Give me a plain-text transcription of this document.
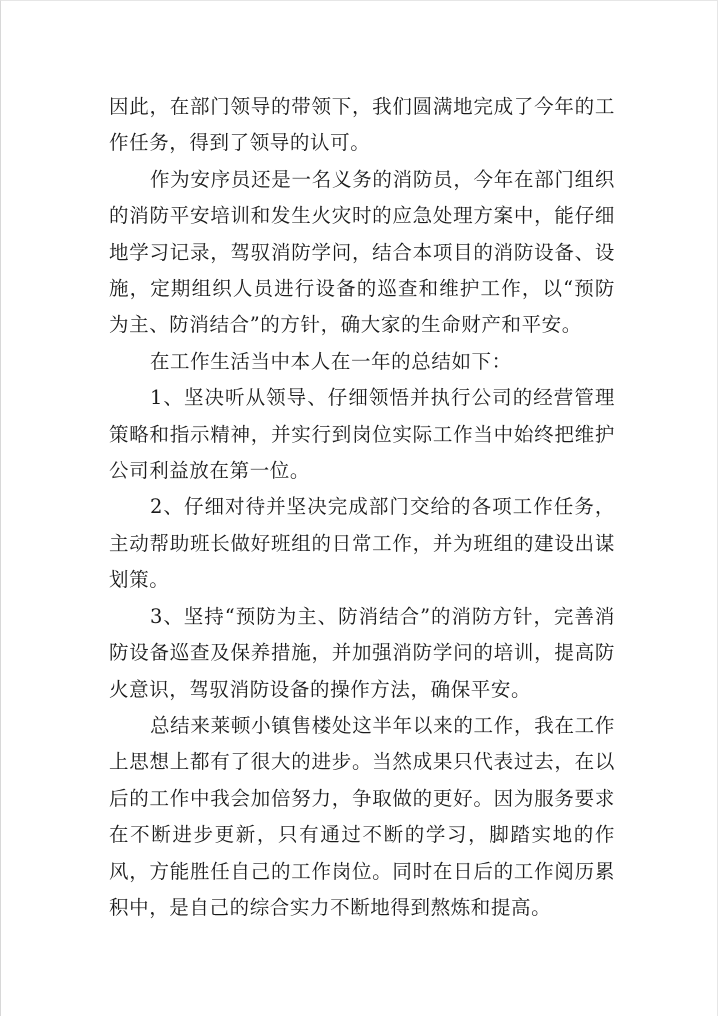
因此，在部门领导的带领下，我们圆满地完成了今年的工作任务，得到了领导的认可。

作为安序员还是一名义务的消防员，今年在部门组织的消防平安培训和发生火灾时的应急处理方案中，能仔细地学习记录，驾驭消防学问，结合本项目的消防设备、设施，定期组织人员进行设备的巡查和维护工作，以“预防为主、防消结合”的方针，确大家的生命财产和平安。

在工作生活当中本人在一年的总结如下：

1、坚决听从领导、仔细领悟并执行公司的经营管理策略和指示精神，并实行到岗位实际工作当中始终把维护公司利益放在第一位。

2、仔细对待并坚决完成部门交给的各项工作任务，主动帮助班长做好班组的日常工作，并为班组的建设出谋划策。

3、坚持“预防为主、防消结合”的消防方针，完善消防设备巡查及保养措施，并加强消防学问的培训，提高防火意识，驾驭消防设备的操作方法，确保平安。

总结来莱顿小镇售楼处这半年以来的工作，我在工作上思想上都有了很大的进步。当然成果只代表过去，在以后的工作中我会加倍努力，争取做的更好。因为服务要求在不断进步更新，只有通过不断的学习，脚踏实地的作风，方能胜任自己的工作岗位。同时在日后的工作阅历累积中，是自己的综合实力不断地得到熬炼和提高。
